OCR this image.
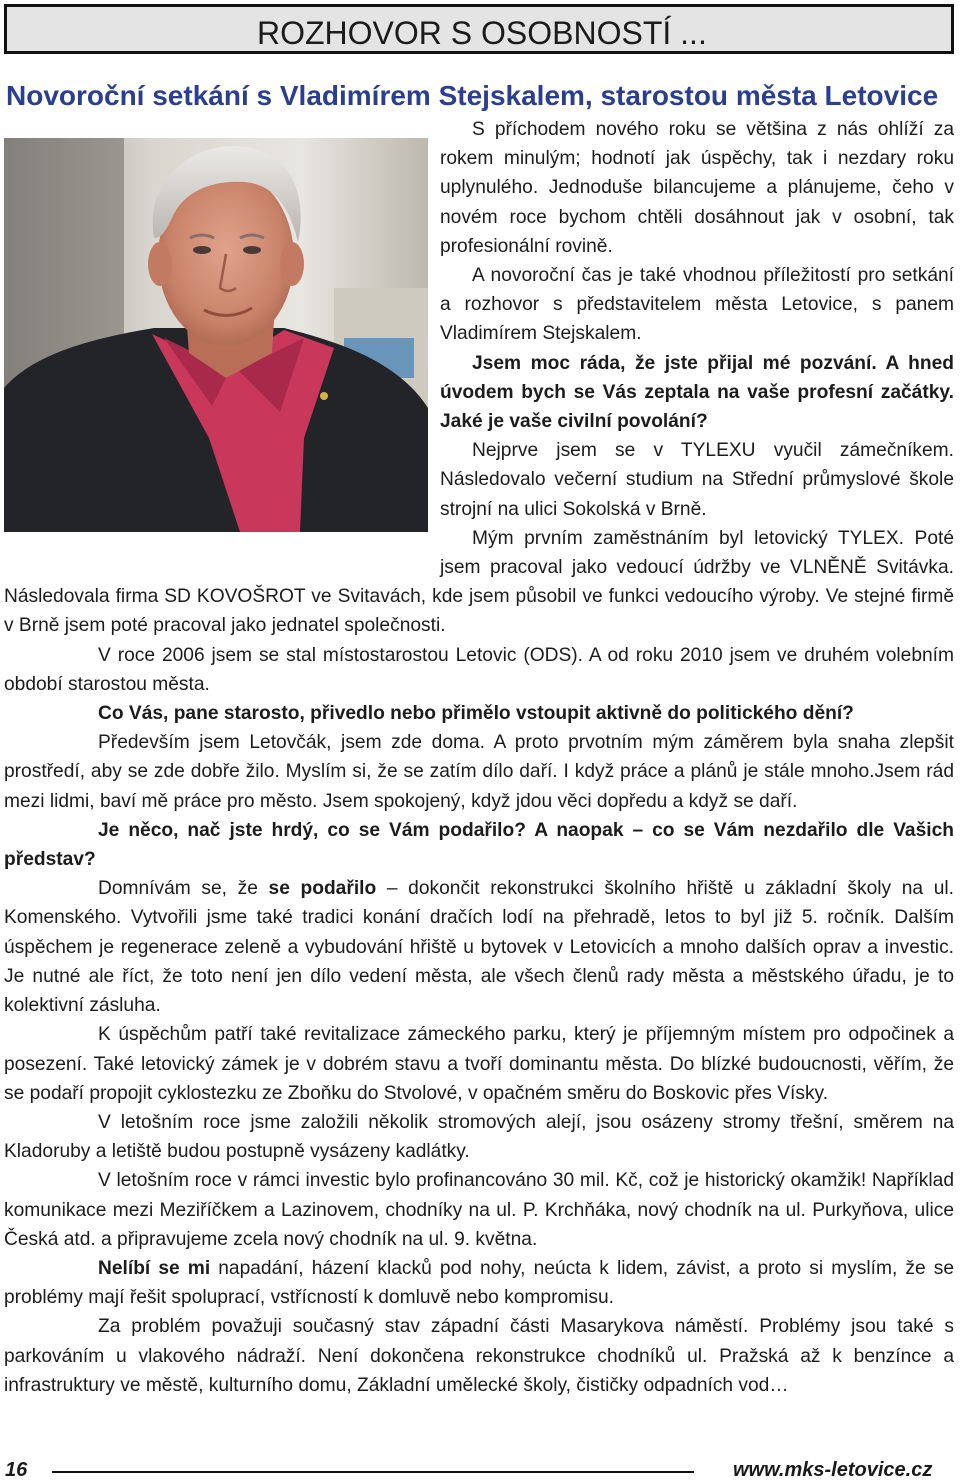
ROZHOVOR S OSOBNOSTÍ ...
Novoroční setkání s Vladimírem Stejskalem, starostou města Letovice

S příchodem nového roku se většina z nás ohlíží za rokem minulým; hodnotí jak úspěchy, tak i nezdary roku uplynulého. Jednoduše bilancujeme a plánujeme, čeho v novém roce bychom chtěli dosáhnout jak v osobní, tak profesionální rovině.

A novoroční čas je také vhodnou příležitostí pro setkání a rozhovor s představitelem města Letovice, s panem Vladimírem Stejskalem.

Jsem moc ráda, že jste přijal mé pozvání. A hned úvodem bych se Vás zeptala na vaše profesní začátky. Jaké je vaše civilní povolání?

Nejprve jsem se v TYLEXU vyučil zámečníkem. Následovalo večerní studium na Střední průmyslové škole strojní na ulici Sokolská v Brně.

Mým prvním zaměstnáním byl letovický TYLEX. Poté jsem pracoval jako vedoucí údržby ve VLNĚNĚ Svitávka. Následovala firma SD KOVOŠROT ve Svitavách, kde jsem působil ve funkci vedoucího výroby. Ve stejné firmě v Brně jsem poté pracoval jako jednatel společnosti.

V roce 2006 jsem se stal místostarostou Letovic (ODS). A od roku 2010 jsem ve druhém volebním období starostou města.

Co Vás, pane starosto, přivedlo nebo přimělo vstoupit aktivně do politického dění?

Především jsem Letovčák, jsem zde doma. A proto prvotním mým záměrem byla snaha zlepšit prostředí, aby se zde dobře žilo. Myslím si, že se zatím dílo daří. I když práce a plánů je stále mnoho.Jsem rád mezi lidmi, baví mě práce pro město. Jsem spokojený, když jdou věci dopředu a když se daří.

Je něco, nač jste hrdý, co se Vám podařilo? A naopak – co se Vám nezdařilo dle Vašich představ?

Domnívám se, že se podařilo – dokončit rekonstrukci školního hřiště u základní školy na ul. Komenského. Vytvořili jsme také tradici konání dračích lodí na přehradě, letos to byl již 5. ročník. Dalším úspěchem je regenerace zeleně a vybudování hřiště u bytovek v Letovicích a mnoho dalších oprav a investic. Je nutné ale říct, že toto není jen dílo vedení města, ale všech členů rady města a městského úřadu, je to kolektivní zásluha.

K úspěchům patří také revitalizace zámeckého parku, který je příjemným místem pro odpočinek a posezení. Také letovický zámek je v dobrém stavu a tvoří dominantu města. Do blízké budoucnosti, věřím, že se podaří propojit cyklostezku ze Zboňku do Stvolové, v opačném směru do Boskovic přes Vísky.

V letošním roce jsme založili několik stromových alejí, jsou osázeny stromy třešní, směrem na Kladoruby a letiště budou postupně vysázeny kadlátky.

V letošním roce v rámci investic bylo profinancováno 30 mil. Kč, což je historický okamžik! Například komunikace mezi Meziříčkem a Lazinovem, chodníky na ul. P. Krchňáka, nový chodník na ul. Purkyňova, ulice Česká atd. a připravujeme zcela nový chodník na ul. 9. května.

Nelíbí se mi napadání, házení klacků pod nohy, neúcta k lidem, závist, a proto si myslím, že se problémy mají řešit spoluprací, vstřícností k domluvě nebo kompromisu.

Za problém považuji současný stav západní části Masarykova náměstí. Problémy jsou také s parkováním u vlakového nádraží. Není dokončena rekonstrukce chodníků ul. Pražská až k benzínce a infrastruktury ve městě, kulturního domu, Základní umělecké školy, čističky odpadních vod…

16	www.mks-letovice.cz
